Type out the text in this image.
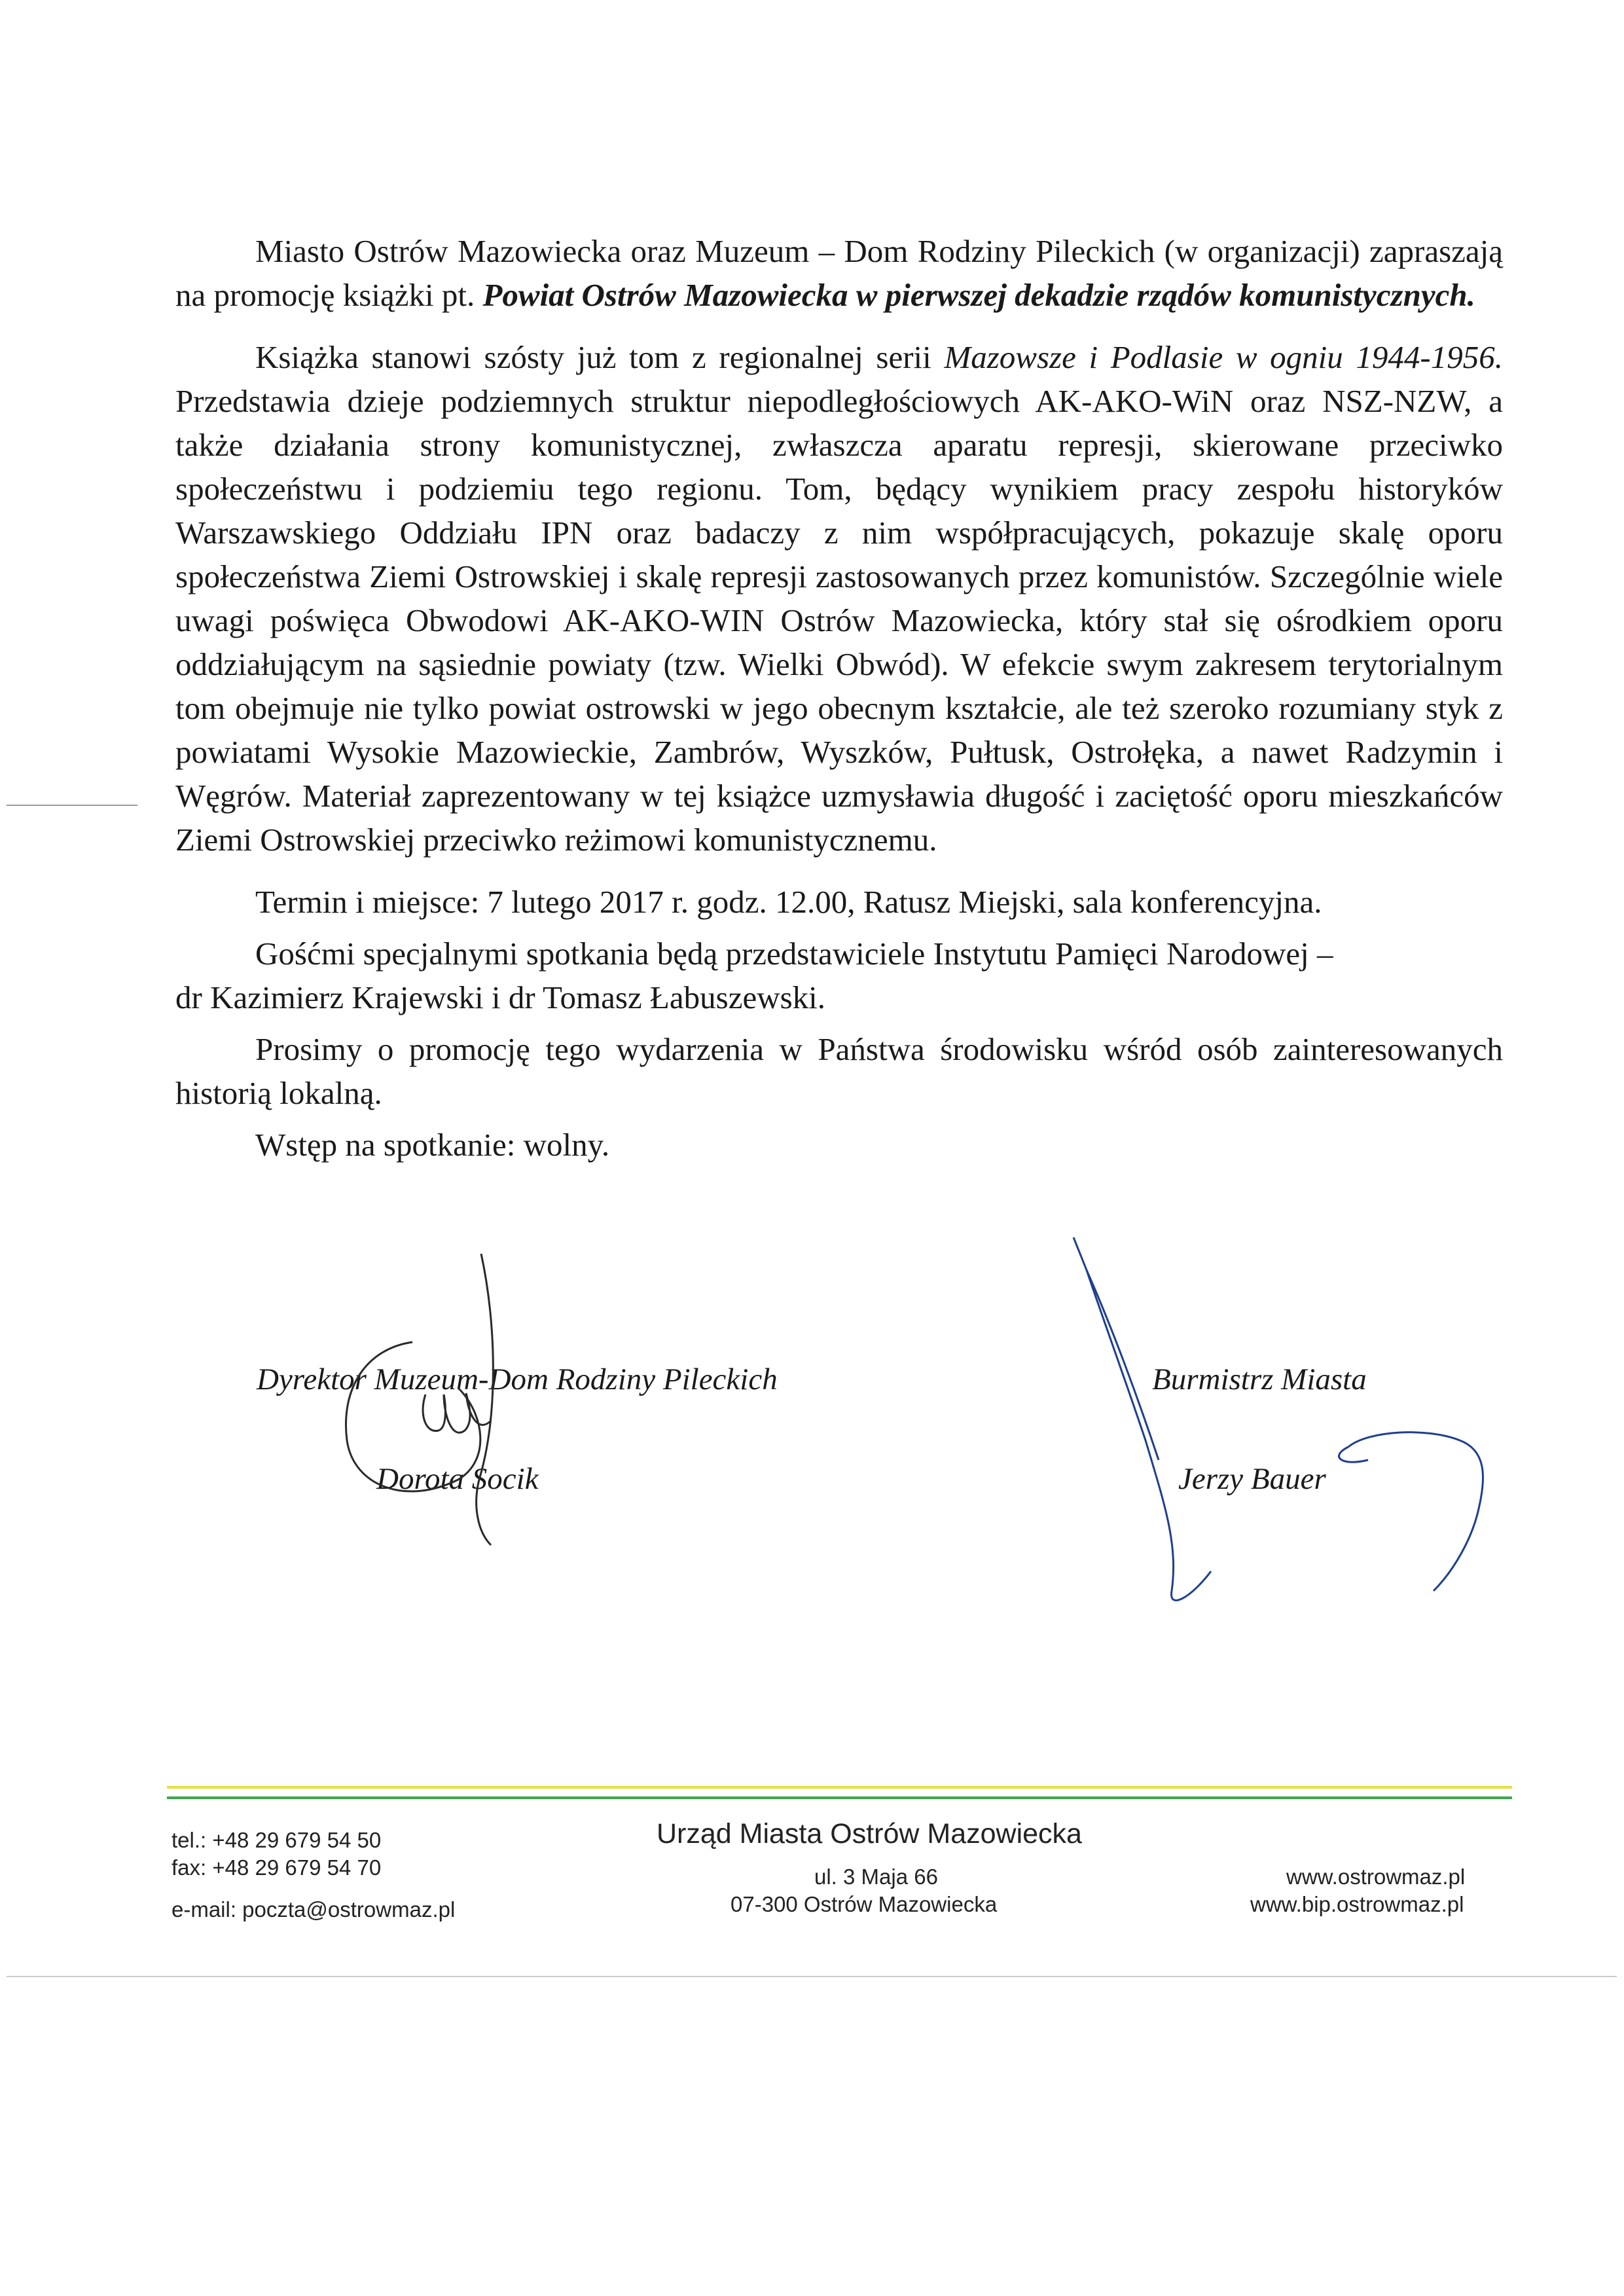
Miasto Ostrów Mazowiecka oraz Muzeum – Dom Rodziny Pileckich (w organizacji) zapraszają na promocję książki pt. Powiat Ostrów Mazowiecka w pierwszej dekadzie rządów komunistycznych.

Książka stanowi szósty już tom z regionalnej serii Mazowsze i Podlasie w ogniu 1944-1956. Przedstawia dzieje podziemnych struktur niepodległościowych AK-AKO-WiN oraz NSZ-NZW, a także działania strony komunistycznej, zwłaszcza aparatu represji, skierowane przeciwko społeczeństwu i podziemiu tego regionu. Tom, będący wynikiem pracy zespołu historyków Warszawskiego Oddziału IPN oraz badaczy z nim współpracujących, pokazuje skalę oporu społeczeństwa Ziemi Ostrowskiej i skalę represji zastosowanych przez komunistów. Szczególnie wiele uwagi poświęca Obwodowi AK-AKO-WIN Ostrów Mazowiecka, który stał się ośrodkiem oporu oddziałującym na sąsiednie powiaty (tzw. Wielki Obwód). W efekcie swym zakresem terytorialnym tom obejmuje nie tylko powiat ostrowski w jego obecnym kształcie, ale też szeroko rozumiany styk z powiatami Wysokie Mazowieckie, Zambrów, Wyszków, Pułtusk, Ostrołęka, a nawet Radzymin i Węgrów. Materiał zaprezentowany w tej książce uzmysławia długość i zaciętość oporu mieszkańców Ziemi Ostrowskiej przeciwko reżimowi komunistycznemu.

Termin i miejsce: 7 lutego 2017 r. godz. 12.00, Ratusz Miejski, sala konferencyjna.

Gośćmi specjalnymi spotkania będą przedstawiciele Instytutu Pamięci Narodowej –

dr Kazimierz Krajewski i dr Tomasz Łabuszewski.

Prosimy o promocję tego wydarzenia w Państwa środowisku wśród osób zainteresowanych historią lokalną.

Wstęp na spotkanie: wolny.

Dyrektor Muzeum-Dom Rodziny Pileckich
Dorota Socik
Burmistrz Miasta
Jerzy Bauer
tel.: +48 29 679 54 50
fax: +48 29 679 54 70
e-mail: poczta@ostrowmaz.pl
Urząd Miasta Ostrów Mazowiecka
ul. 3 Maja 66
07-300 Ostrów Mazowiecka
www.ostrowmaz.pl
www.bip.ostrowmaz.pl
